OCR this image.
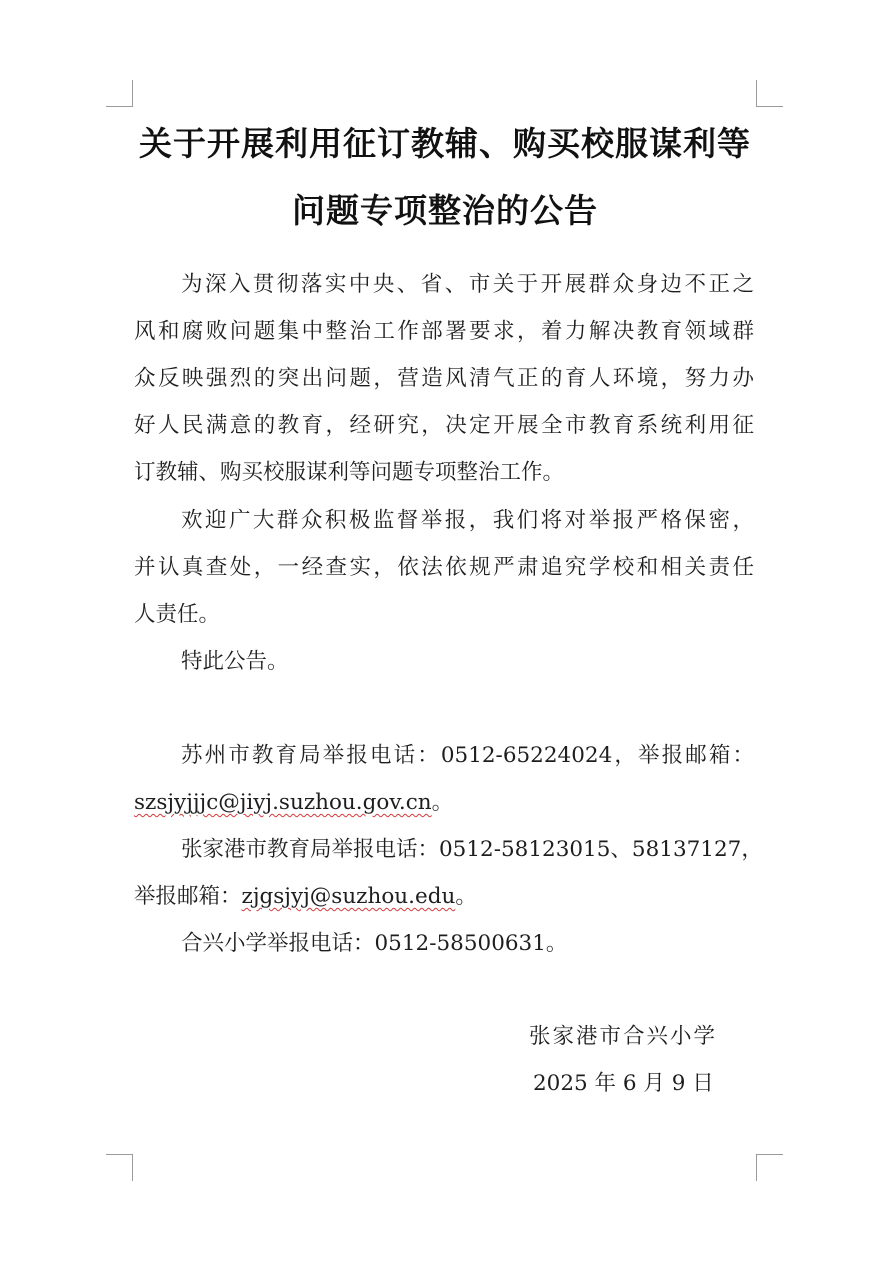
关于开展利用征订教辅、购买校服谋利等
问题专项整治的公告
为深入贯彻落实中央、省、市关于开展群众身边不正之
风和腐败问题集中整治工作部署要求，着力解决教育领域群
众反映强烈的突出问题，营造风清气正的育人环境，努力办
好人民满意的教育，经研究，决定开展全市教育系统利用征
订教辅、购买校服谋利等问题专项整治工作。
欢迎广大群众积极监督举报，我们将对举报严格保密，
并认真查处，一经查实，依法依规严肃追究学校和相关责任
人责任。
特此公告。
苏州市教育局举报电话：0512-65224024，举报邮箱：
szsjyjjjc@jiyj.suzhou.gov.cn。
张家港市教育局举报电话：0512-58123015、58137127，
举报邮箱：zjgsjyj@suzhou.edu。
合兴小学举报电话：0512-58500631。
张家港市合兴小学
2025 年 6 月 9 日
